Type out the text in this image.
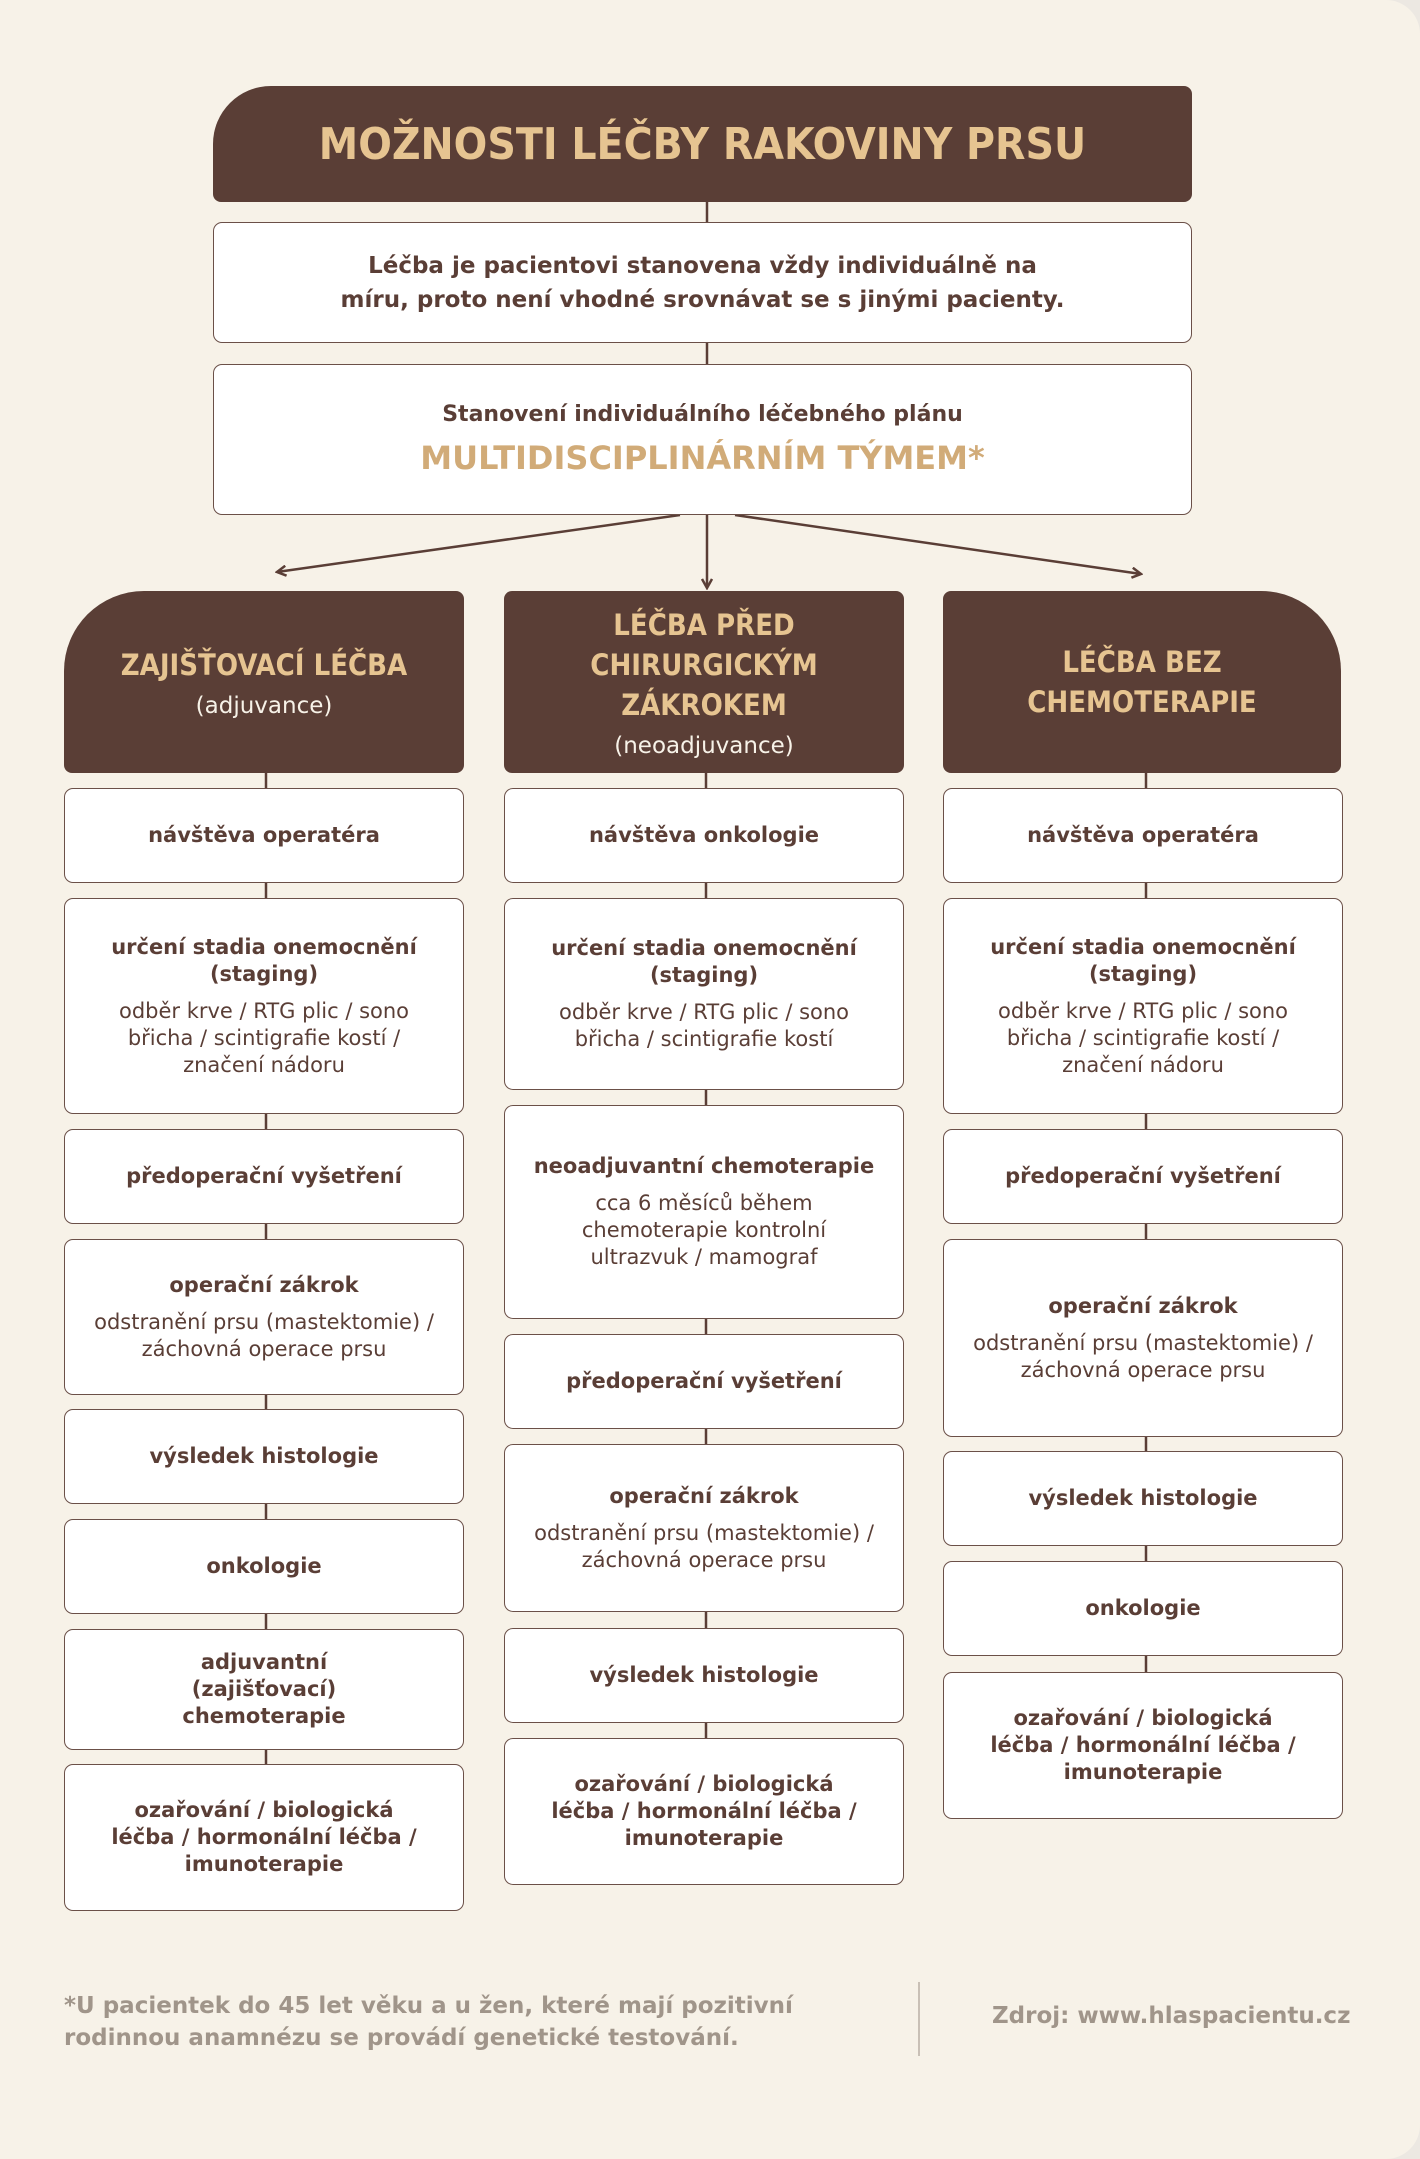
MOŽNOSTI LÉČBY RAKOVINY PRSU
Léčba je pacientovi stanovena vždy individuálně na míru, proto není vhodné srovnávat se s jinými pacienty.
Stanovení individuálního léčebného plánu
MULTIDISCIPLINÁRNÍM TÝMEM*
ZAJIŠŤOVACÍ LÉČBA
(adjuvance)
LÉČBA PŘED CHIRURGICKÝM ZÁKROKEM
(neoadjuvance)
LÉČBA BEZ CHEMOTERAPIE
návštěva operatéra
určení stadia onemocnění (staging)
odběr krve / RTG plic / sono břicha / scintigrafie kostí / značení nádoru
předoperační vyšetření
operační zákrok
odstranění prsu (mastektomie) / záchovná operace prsu
výsledek histologie
onkologie
adjuvantní (zajišťovací) chemoterapie
ozařování / biologická léčba / hormonální léčba / imunoterapie
návštěva onkologie
určení stadia onemocnění (staging)
odběr krve / RTG plic / sono břicha / scintigrafie kostí
neoadjuvantní chemoterapie
cca 6 měsíců během chemoterapie kontrolní ultrazvuk / mamograf
předoperační vyšetření
operační zákrok
odstranění prsu (mastektomie) / záchovná operace prsu
výsledek histologie
ozařování / biologická léčba / hormonální léčba / imunoterapie
návštěva operatéra
určení stadia onemocnění (staging)
odběr krve / RTG plic / sono břicha / scintigrafie kostí / značení nádoru
předoperační vyšetření
operační zákrok
odstranění prsu (mastektomie) / záchovná operace prsu
výsledek histologie
onkologie
ozařování / biologická léčba / hormonální léčba / imunoterapie
*U pacientek do 45 let věku a u žen, které mají pozitivní rodinnou anamnézu se provádí genetické testování.
Zdroj: www.hlaspacientu.cz
